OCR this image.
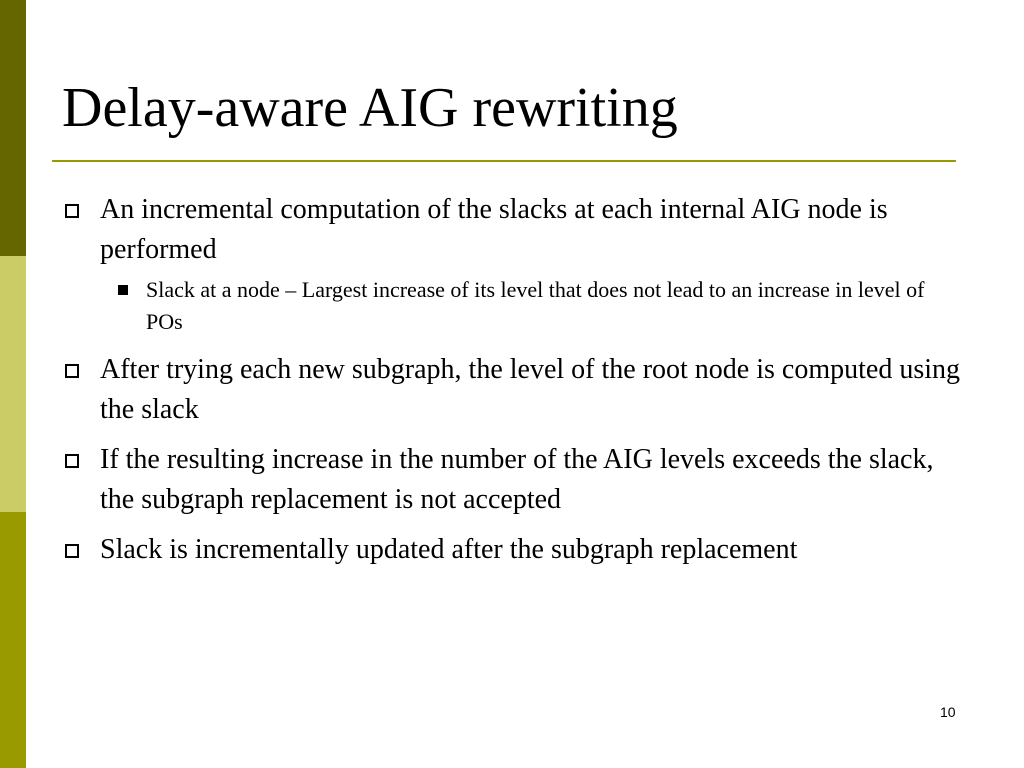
Delay-aware AIG rewriting
An incremental computation of the slacks at each internal AIG node is performed
Slack at a node – Largest increase of its level that does not lead to an increase in level of POs
After trying each new subgraph, the level of the root node is computed using the slack
If the resulting increase in the number of the AIG levels exceeds the slack, the subgraph replacement is not accepted
Slack is incrementally updated after the subgraph replacement
10
